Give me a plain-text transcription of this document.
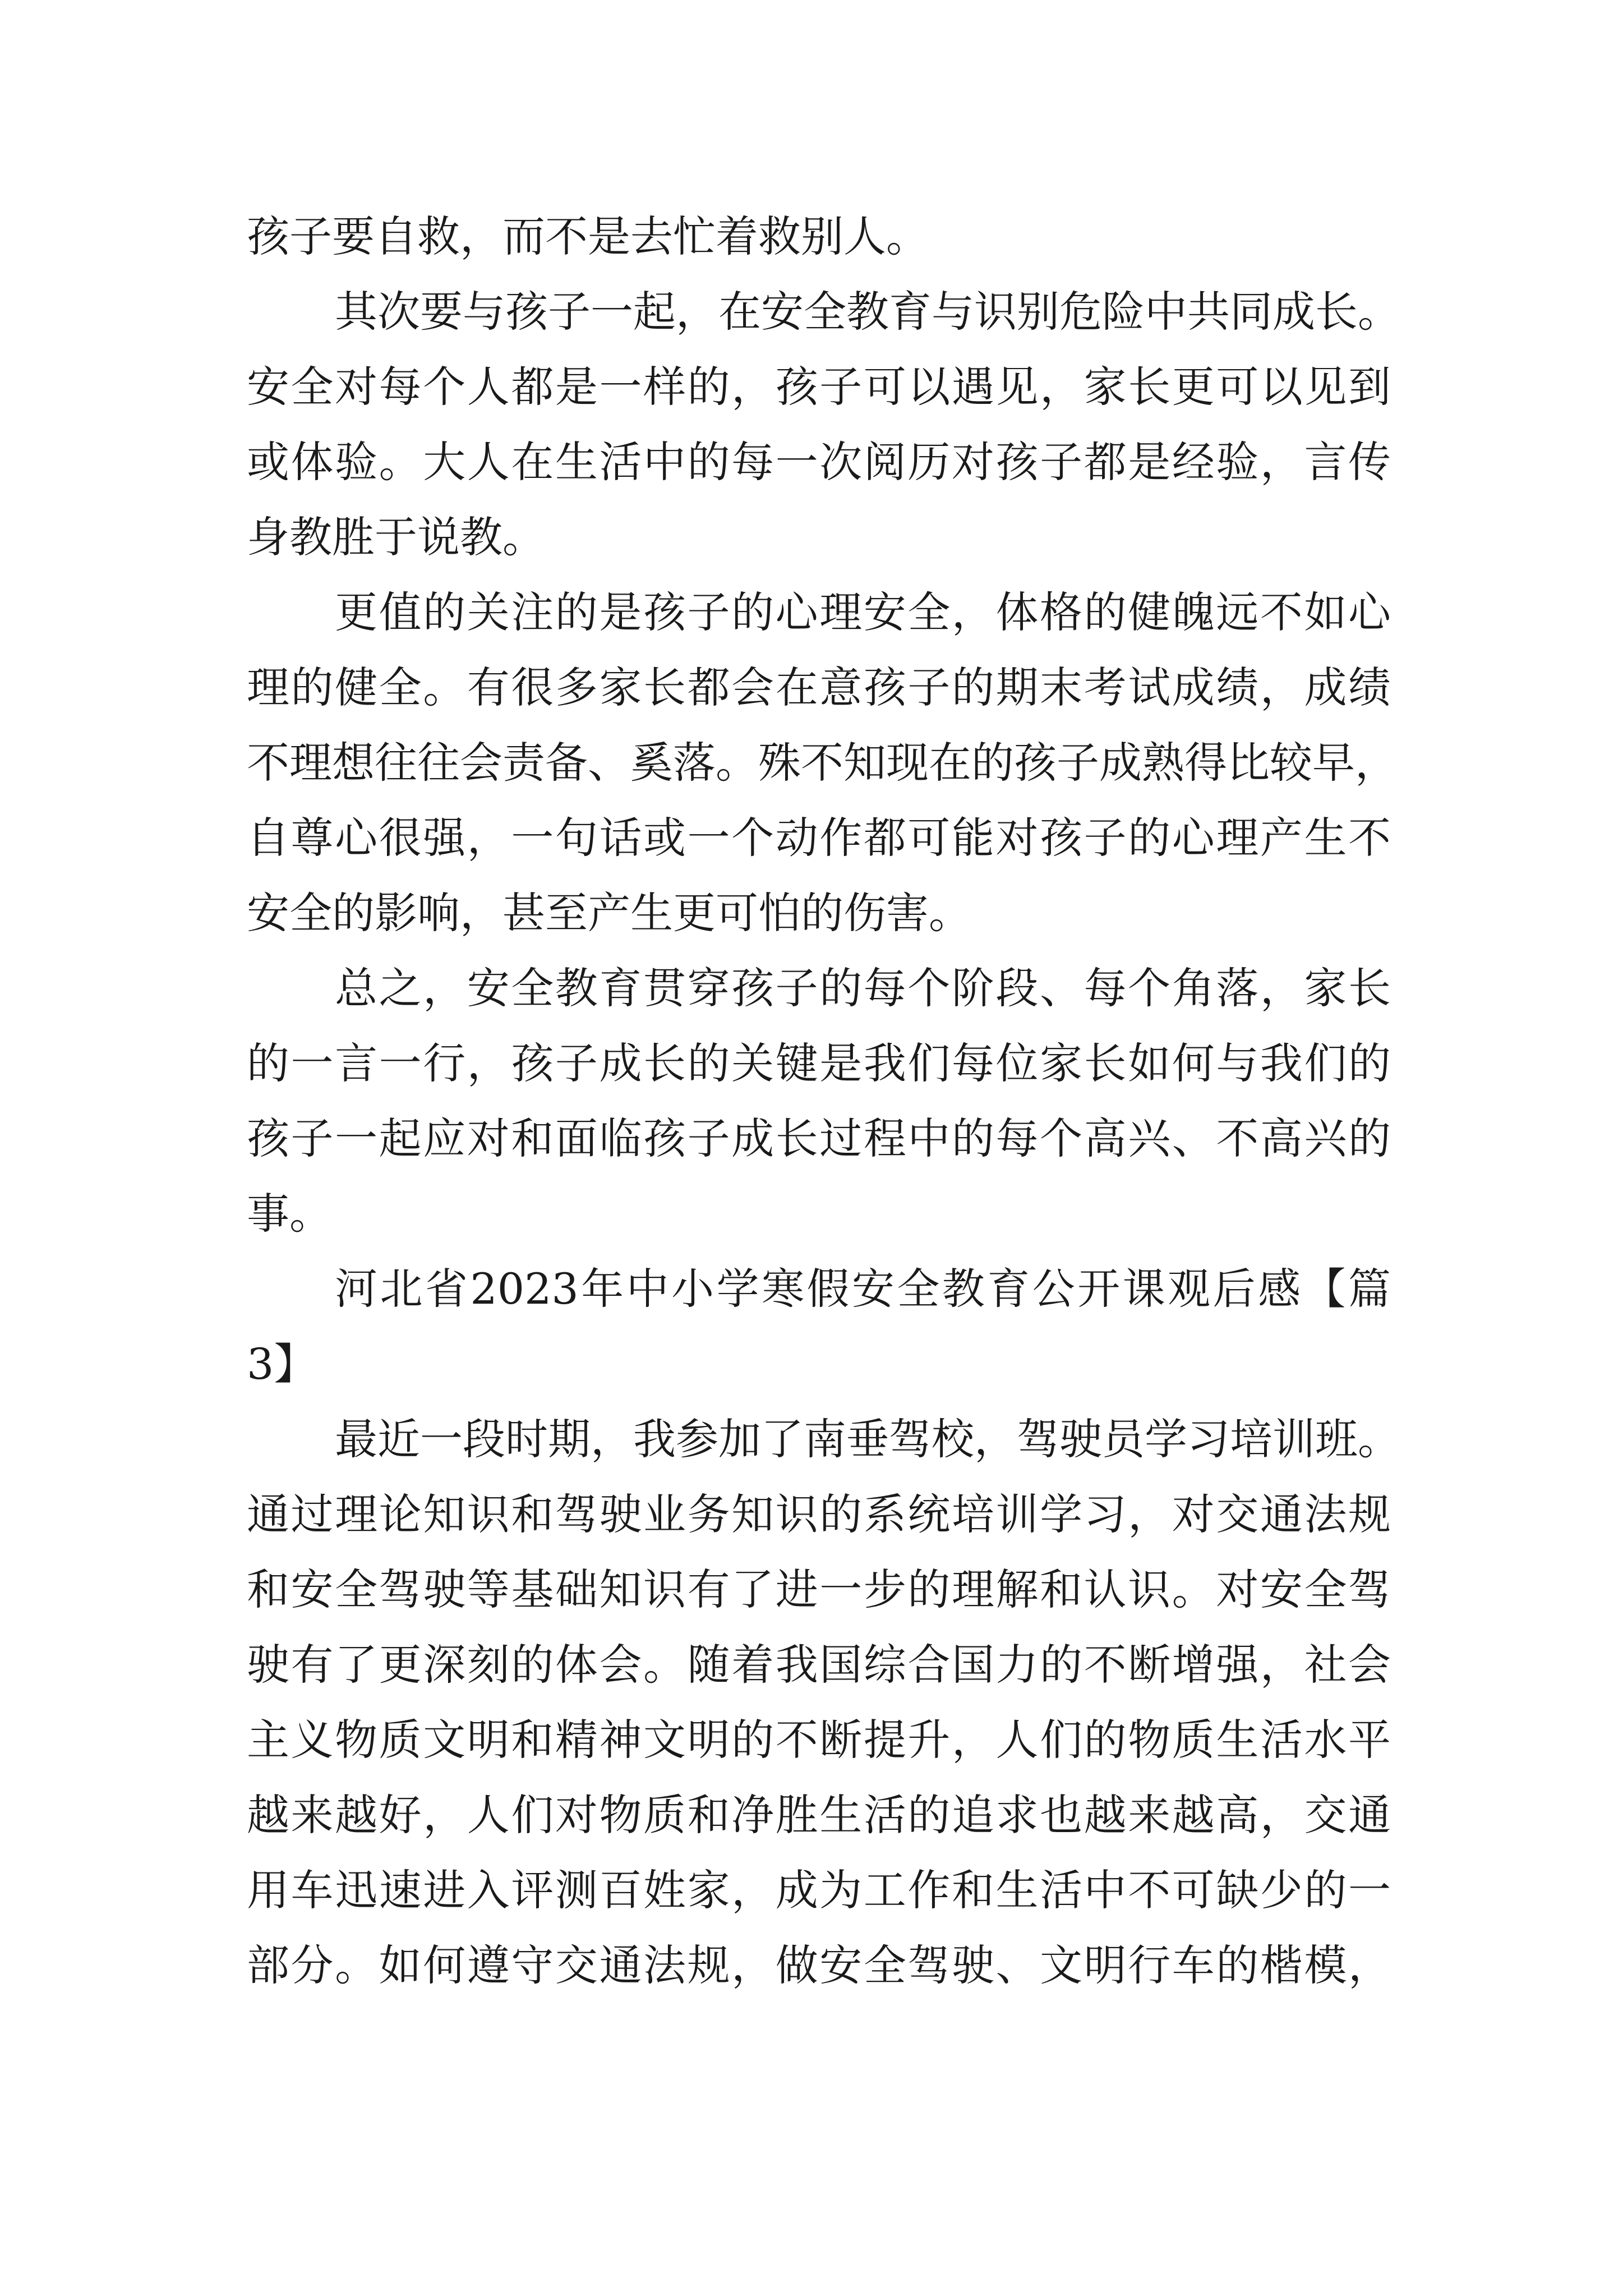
孩子要自救，而不是去忙着救别人。
其次要与孩子一起，在安全教育与识别危险中共同成长。
安全对每个人都是一样的，孩子可以遇见，家长更可以见到
或体验。大人在生活中的每一次阅历对孩子都是经验，言传
身教胜于说教。
更值的关注的是孩子的心理安全，体格的健魄远不如心
理的健全。有很多家长都会在意孩子的期末考试成绩，成绩
不理想往往会责备、奚落。殊不知现在的孩子成熟得比较早，
自尊心很强，一句话或一个动作都可能对孩子的心理产生不
安全的影响，甚至产生更可怕的伤害。
总之，安全教育贯穿孩子的每个阶段、每个角落，家长
的一言一行，孩子成长的关键是我们每位家长如何与我们的
孩子一起应对和面临孩子成长过程中的每个高兴、不高兴的
事。
河北省2023年中小学寒假安全教育公开课观后感【篇
3】
最近一段时期，我参加了南垂驾校，驾驶员学习培训班。
通过理论知识和驾驶业务知识的系统培训学习，对交通法规
和安全驾驶等基础知识有了进一步的理解和认识。对安全驾
驶有了更深刻的体会。随着我国综合国力的不断增强，社会
主义物质文明和精神文明的不断提升，人们的物质生活水平
越来越好，人们对物质和净胜生活的追求也越来越高，交通
用车迅速进入评测百姓家，成为工作和生活中不可缺少的一
部分。如何遵守交通法规，做安全驾驶、文明行车的楷模，
